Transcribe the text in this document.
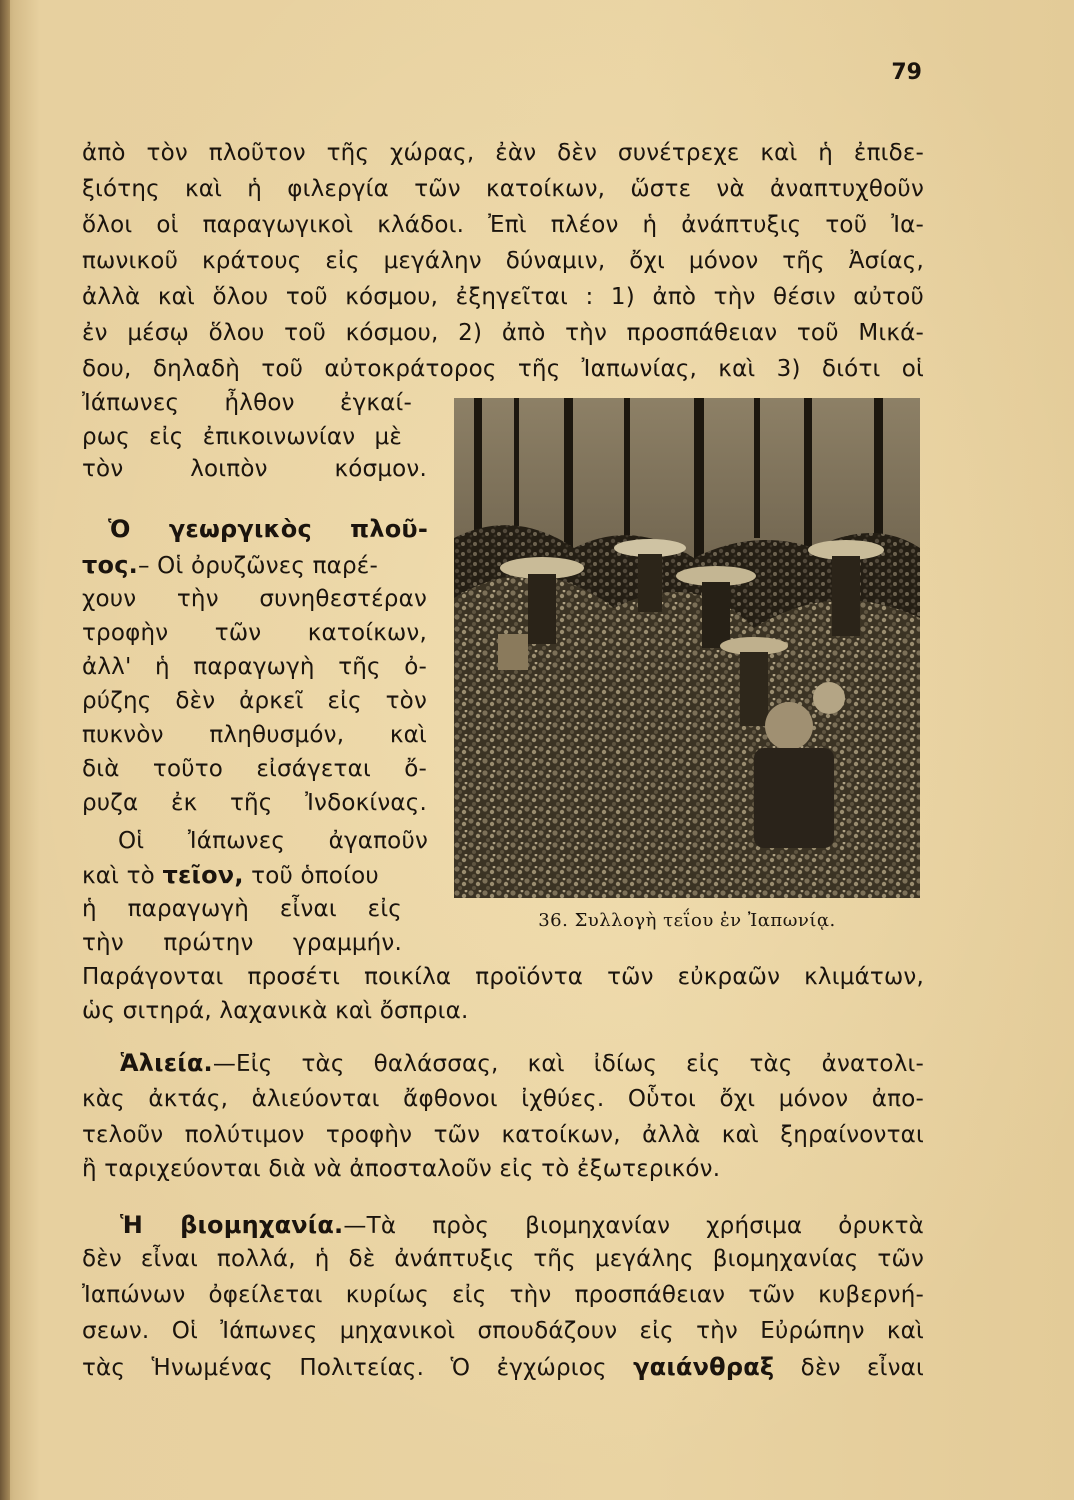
79
ἀπὸ τὸν πλοῦτον τῆς χώρας, ἐὰν δὲν συνέτρεχε καὶ ἡ ἐπιδε-
ξιότης καὶ ἡ φιλεργία τῶν κατοίκων, ὥστε νὰ ἀναπτυχθοῦν
ὅλοι οἱ παραγωγικοὶ κλάδοι. Ἐπὶ πλέον ἡ ἀνάπτυξις τοῦ Ἰα-
πωνικοῦ κράτους εἰς μεγάλην δύναμιν, ὄχι μόνον τῆς Ἀσίας,
ἀλλὰ καὶ ὅλου τοῦ κόσμου, ἐξηγεῖται : 1) ἀπὸ τὴν θέσιν αὐτοῦ
ἐν μέσῳ ὅλου τοῦ κόσμου, 2) ἀπὸ τὴν προσπάθειαν τοῦ Μικά-
δου, δηλαδὴ τοῦ αὐτοκράτορος τῆς Ἰαπωνίας, καὶ 3) διότι οἱ
Ἰάπωνες ἦλθον ἐγκαί-
ρως εἰς ἐπικοινωνίαν μὲ
τὸν λοιπὸν κόσμον.
Ὁ γεωργικὸς πλοῦ-
τος.– Οἱ ὀρυζῶνες παρέ-
χουν τὴν συνηθεστέραν
τροφὴν τῶν κατοίκων,
ἀλλ' ἡ παραγωγὴ τῆς ὀ-
ρύζης δὲν ἀρκεῖ εἰς τὸν
πυκνὸν πληθυσμόν, καὶ
διὰ τοῦτο εἰσάγεται ὄ-
ρυζα ἐκ τῆς Ἰνδοκίνας.
Οἱ Ἰάπωνες ἀγαποῦν
καὶ τὸ τεῖον, τοῦ ὁποίου
ἡ παραγωγὴ εἶναι εἰς
τὴν πρώτην γραμμήν.
Παράγονται προσέτι ποικίλα προϊόντα τῶν εὐκραῶν κλιμάτων,
ὡς σιτηρά, λαχανικὰ καὶ ὄσπρια.
36. Συλλογὴ τεΐου ἐν Ἰαπωνίᾳ.
Ἁλιεία.—Εἰς τὰς θαλάσσας, καὶ ἰδίως εἰς τὰς ἀνατολι-
κὰς ἀκτάς, ἁλιεύονται ἄφθονοι ἰχθύες. Οὗτοι ὄχι μόνον ἀπο-
τελοῦν πολύτιμον τροφὴν τῶν κατοίκων, ἀλλὰ καὶ ξηραίνονται
ἢ ταριχεύονται διὰ νὰ ἀποσταλοῦν εἰς τὸ ἐξωτερικόν.
Ἡ βιομηχανία.—Τὰ πρὸς βιομηχανίαν χρήσιμα ὀρυκτὰ
δὲν εἶναι πολλά, ἡ δὲ ἀνάπτυξις τῆς μεγάλης βιομηχανίας τῶν
Ἰαπώνων ὀφείλεται κυρίως εἰς τὴν προσπάθειαν τῶν κυβερνή-
σεων. Οἱ Ἰάπωνες μηχανικοὶ σπουδάζουν εἰς τὴν Εὐρώπην καὶ
τὰς Ἡνωμένας Πολιτείας. Ὁ ἐγχώριος γαιάνθραξ δὲν εἶναι
